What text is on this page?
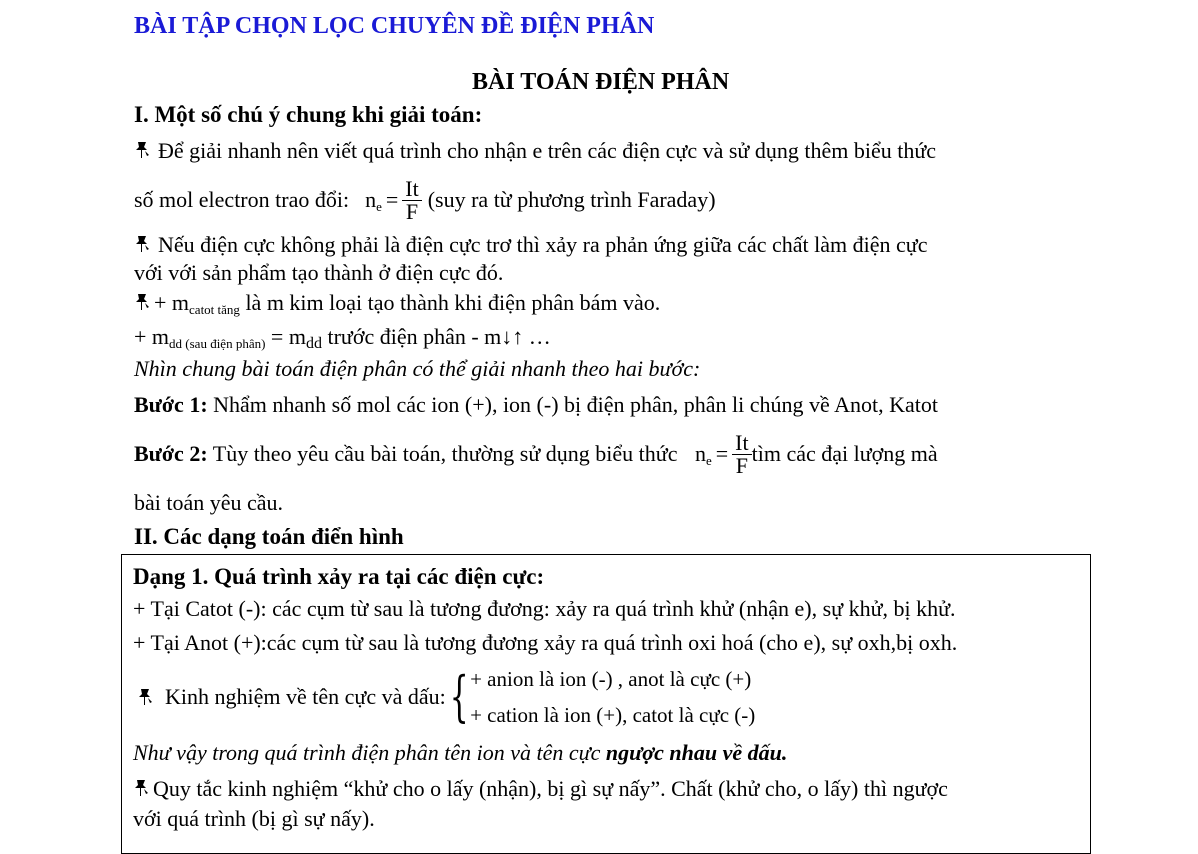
BÀI TẬP CHỌN LỌC CHUYÊN ĐỀ ĐIỆN PHÂN
BÀI TOÁN ĐIỆN PHÂN
I. Một số chú ý chung khi giải toán:
Để giải nhanh nên viết quá trình cho nhận e trên các điện cực và sử dụng thêm biểu thức
số mol electron trao đổi: $n_e = \frac{It}{F} (suy$ ra từ phương trình Faraday)
Nếu điện cực không phải là điện cực trơ thì xảy ra phản ứng giữa các chất làm điện cực
với với sản phẩm tạo thành ở điện cực đó.
+ $m_{catot tăng}$ là m kim loại tạo thành khi điện phân bám vào.
+ $m_{dd (sau điện phân)} = m_{dd}$ trước điện phân - m↓↑ …
Nhìn chung bài toán điện phân có thể giải nhanh theo hai bước:
Bước 1: Nhẩm nhanh số mol các ion (+), ion (-) bị điện phân, phân li chúng về Anot, Katot
Bước 2: Tùy theo yêu cầu bài toán, thường sử dụng biểu thức $n_e = \frac{It}{F}$ tìm các đại lượng mà
bài toán yêu cầu.
II. Các dạng toán điển hình
Dạng 1. Quá trình xảy ra tại các điện cực:
+ Tại Catot (-): các cụm từ sau là tương đương: xảy ra quá trình khử (nhận e), sự khử, bị khử.
+ Tại Anot (+):các cụm từ sau là tương đương xảy ra quá trình oxi hoá (cho e), sự oxh,bị oxh.
Kinh nghiệm về tên cực và dấu: { + anion là ion (-) , anot là cực (+)
+ cation là ion (+), catot là cực (-)
Như vậy trong quá trình điện phân tên ion và tên cực ngược nhau về dấu.
Quy tắc kinh nghiệm “khử cho o lấy (nhận), bị gì sự nấy”. Chất (khử cho, o lấy) thì ngược
với quá trình (bị gì sự nấy).
